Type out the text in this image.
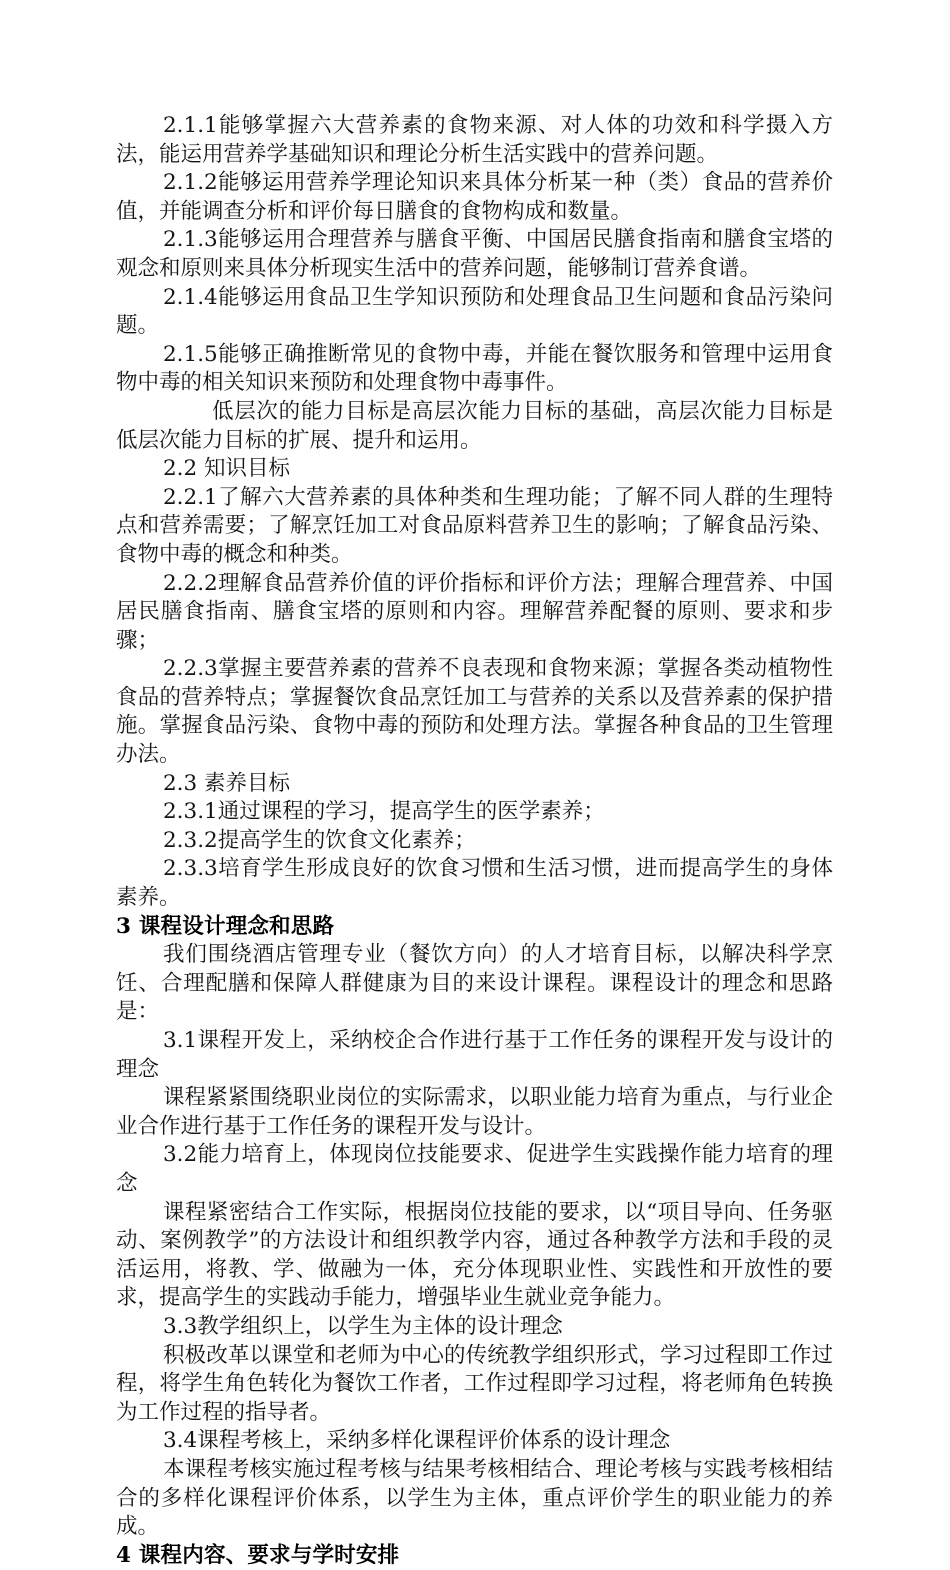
2.1.1能够掌握六大营养素的食物来源、对人体的功效和科学摄入方法，能运用营养学基础知识和理论分析生活实践中的营养问题。

2.1.2能够运用营养学理论知识来具体分析某一种（类）食品的营养价值，并能调查分析和评价每日膳食的食物构成和数量。

2.1.3能够运用合理营养与膳食平衡、中国居民膳食指南和膳食宝塔的观念和原则来具体分析现实生活中的营养问题，能够制订营养食谱。

2.1.4能够运用食品卫生学知识预防和处理食品卫生问题和食品污染问题。

2.1.5能够正确推断常见的食物中毒，并能在餐饮服务和管理中运用食物中毒的相关知识来预防和处理食物中毒事件。

低层次的能力目标是高层次能力目标的基础，高层次能力目标是低层次能力目标的扩展、提升和运用。

2.2 知识目标

2.2.1了解六大营养素的具体种类和生理功能；了解不同人群的生理特点和营养需要；了解烹饪加工对食品原料营养卫生的影响；了解食品污染、食物中毒的概念和种类。

2.2.2理解食品营养价值的评价指标和评价方法；理解合理营养、中国居民膳食指南、膳食宝塔的原则和内容。理解营养配餐的原则、要求和步骤；

2.2.3掌握主要营养素的营养不良表现和食物来源；掌握各类动植物性食品的营养特点；掌握餐饮食品烹饪加工与营养的关系以及营养素的保护措施。掌握食品污染、食物中毒的预防和处理方法。掌握各种食品的卫生管理办法。

2.3 素养目标

2.3.1通过课程的学习，提高学生的医学素养；

2.3.2提高学生的饮食文化素养；

2.3.3培育学生形成良好的饮食习惯和生活习惯，进而提高学生的身体素养。

3 课程设计理念和思路

我们围绕酒店管理专业（餐饮方向）的人才培育目标，以解决科学烹饪、合理配膳和保障人群健康为目的来设计课程。课程设计的理念和思路是：

3.1课程开发上，采纳校企合作进行基于工作任务的课程开发与设计的理念

课程紧紧围绕职业岗位的实际需求，以职业能力培育为重点，与行业企业合作进行基于工作任务的课程开发与设计。

3.2能力培育上，体现岗位技能要求、促进学生实践操作能力培育的理念

课程紧密结合工作实际，根据岗位技能的要求，以“项目导向、任务驱动、案例教学”的方法设计和组织教学内容，通过各种教学方法和手段的灵活运用，将教、学、做融为一体，充分体现职业性、实践性和开放性的要求，提高学生的实践动手能力，增强毕业生就业竞争能力。

3.3教学组织上，以学生为主体的设计理念

积极改革以课堂和老师为中心的传统教学组织形式，学习过程即工作过程，将学生角色转化为餐饮工作者，工作过程即学习过程，将老师角色转换为工作过程的指导者。

3.4课程考核上，采纳多样化课程评价体系的设计理念

本课程考核实施过程考核与结果考核相结合、理论考核与实践考核相结合的多样化课程评价体系，以学生为主体，重点评价学生的职业能力的养成。

4 课程内容、要求与学时安排
